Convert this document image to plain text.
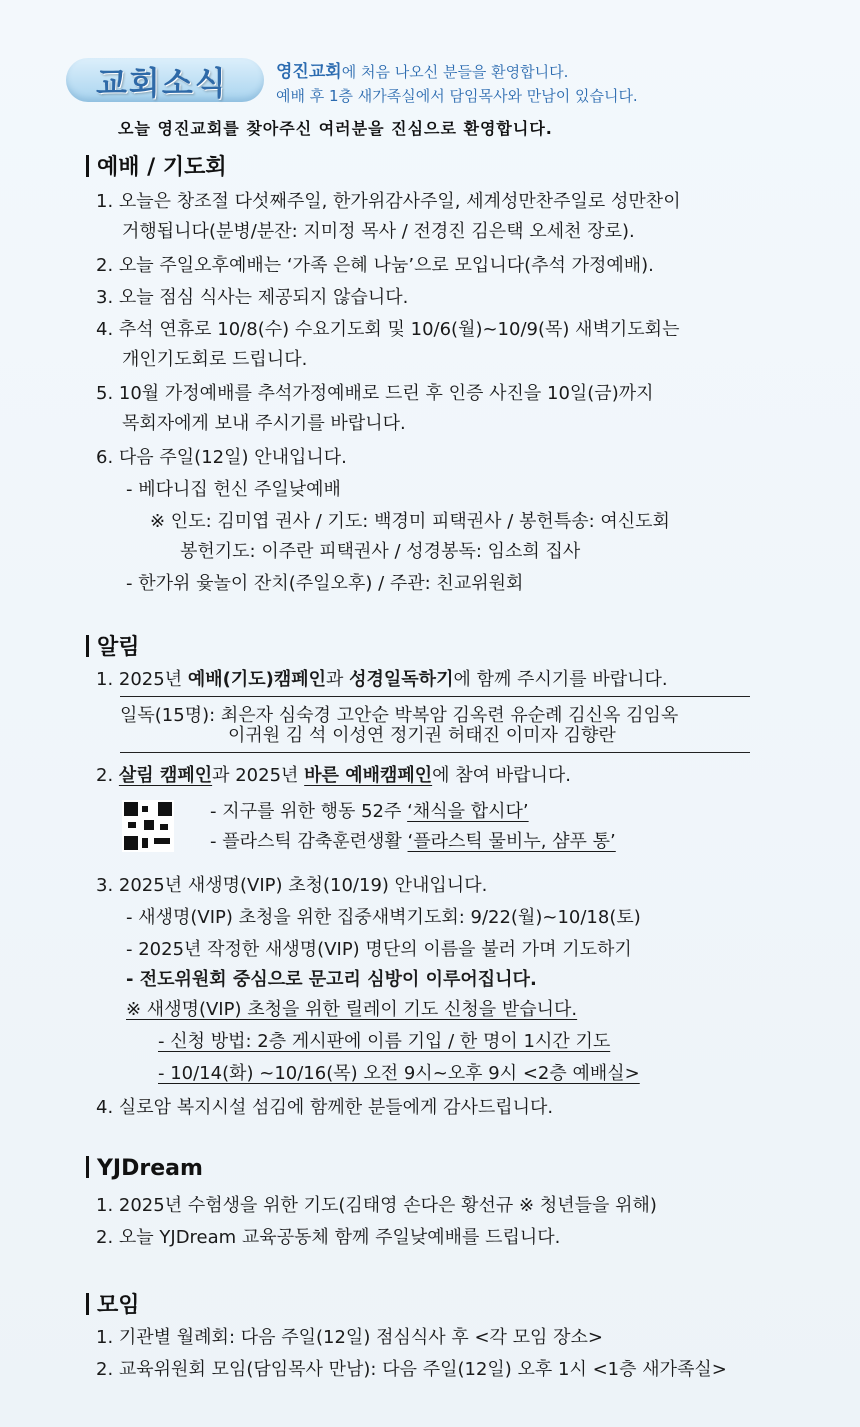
교회소식	영진교회에 처음 나오신 분들을 환영합니다.
예배 후 1층 새가족실에서 담임목사와 만남이 있습니다.
오늘 영진교회를 찾아주신 여러분을 진심으로 환영합니다.
예배 / 기도회
1. 오늘은 창조절 다섯째주일, 한가위감사주일, 세계성만찬주일로 성만찬이
거행됩니다(분병/분잔: 지미정 목사 / 전경진 김은택 오세천 장로).
2. 오늘 주일오후예배는 ‘가족 은혜 나눔’으로 모입니다(추석 가정예배).
3. 오늘 점심 식사는 제공되지 않습니다.
4. 추석 연휴로 10/8(수) 수요기도회 및 10/6(월)~10/9(목) 새벽기도회는
개인기도회로 드립니다.
5. 10월 가정예배를 추석가정예배로 드린 후 인증 사진을 10일(금)까지
목회자에게 보내 주시기를 바랍니다.
6. 다음 주일(12일) 안내입니다.
- 베다니집 헌신 주일낮예배
※ 인도: 김미엽 권사 / 기도: 백경미 피택권사 / 봉헌특송: 여신도회
봉헌기도: 이주란 피택권사 / 성경봉독: 임소희 집사
- 한가위 윷놀이 잔치(주일오후) / 주관: 친교위원회
알림
1. 2025년 예배(기도)캠페인과 성경일독하기에 함께 주시기를 바랍니다.
일독(15명): 최은자 심숙경 고안순 박복암 김옥련 유순례 김신옥 김임옥
이귀원 김 석 이성연 정기권 허태진 이미자 김향란
2. 살림 캠페인과 2025년 바른 예배캠페인에 참여 바랍니다.
- 지구를 위한 행동 52주 ‘채식을 합시다’
- 플라스틱 감축훈련생활 ‘플라스틱 물비누, 샴푸 통’
3. 2025년 새생명(VIP) 초청(10/19) 안내입니다.
- 새생명(VIP) 초청을 위한 집중새벽기도회: 9/22(월)~10/18(토)
- 2025년 작정한 새생명(VIP) 명단의 이름을 불러 가며 기도하기
- 전도위원회 중심으로 문고리 심방이 이루어집니다.
※ 새생명(VIP) 초청을 위한 릴레이 기도 신청을 받습니다.
- 신청 방법: 2층 게시판에 이름 기입 / 한 명이 1시간 기도
- 10/14(화) ~10/16(목) 오전 9시~오후 9시 <2층 예배실>
4. 실로암 복지시설 섬김에 함께한 분들에게 감사드립니다.
YJDream
1. 2025년 수험생을 위한 기도(김태영 손다은 황선규 ※ 청년들을 위해)
2. 오늘 YJDream 교육공동체 함께 주일낮예배를 드립니다.
모임
1. 기관별 월례회: 다음 주일(12일) 점심식사 후 <각 모임 장소>
2. 교육위원회 모임(담임목사 만남): 다음 주일(12일) 오후 1시 <1층 새가족실>
